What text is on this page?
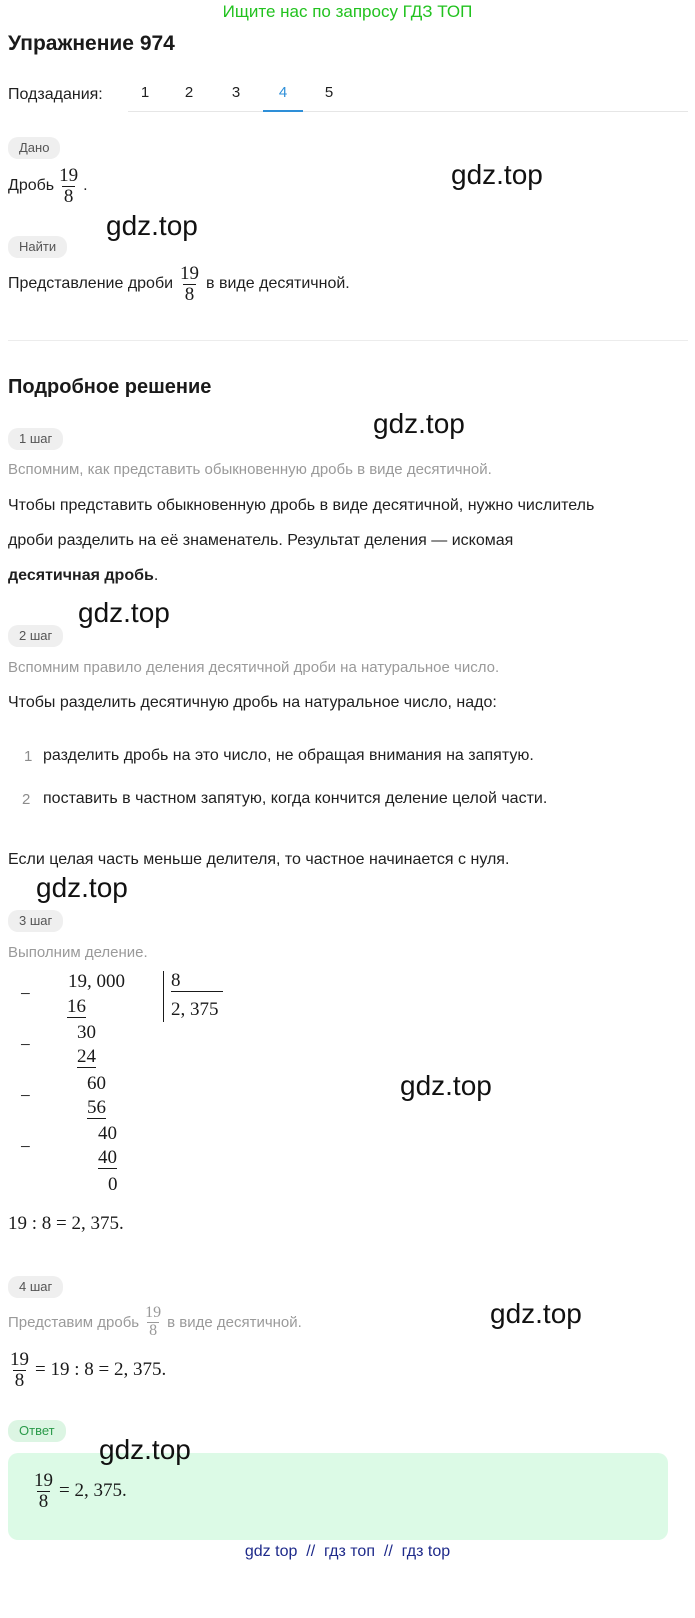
Ищите нас по запросу ГДЗ ТОП
Упражнение 974
Подзадания:	1	2	3	4	5
Дано
Дробь $\frac{19}{8}$ .
Найти
Представление дроби $\frac{19}{8}$ в виде десятичной.
Подробное решение
1 шаг
Вспомним, как представить обыкновенную дробь в виде десятичной.
Чтобы представить обыкновенную дробь в виде десятичной, нужно числитель
дроби разделить на её знаменатель. Результат деления — искомая
десятичная дробь.
2 шаг
Вспомним правило деления десятичной дроби на натуральное число.
Чтобы разделить десятичную дробь на натуральное число, надо:
1 разделить дробь на это число, не обращая внимания на запятую.
2 поставить в частном запятую, когда кончится деление целой части.
Если целая часть меньше делителя, то частное начинается с нуля.
3 шаг
Выполним деление.
−
19, 000 8
2, 375
16
−
30
24
−
60
56
−
40
40
0
19 : 8 = 2, 375.
4 шаг
Представим дробь $\frac{19}{8}$ в виде десятичной.
$\frac{19}{8} = 19$ : 8 = 2, 375.
Ответ
$\frac{19}{8} = 2$, 375.
gdz.top
gdz.top
gdz.top
gdz.top
gdz.top
gdz.top
gdz.top
gdz.top
gdz top  //  гдз топ  //  гдз top
